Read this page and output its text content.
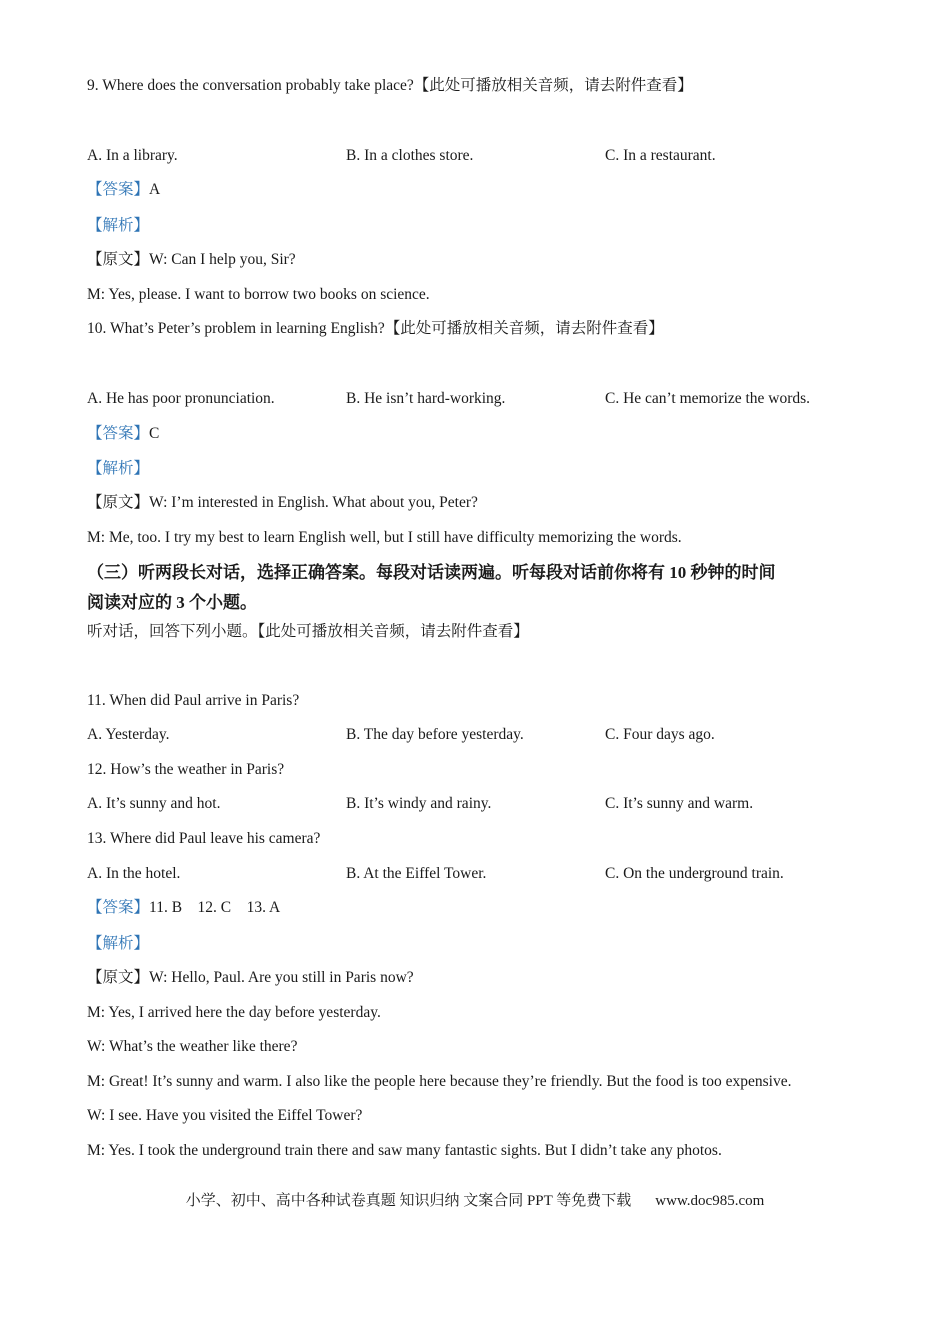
9. Where does the conversation probably take place?【此处可播放相关音频，请去附件查看】
A. In a library.	B. In a clothes store.	C. In a restaurant.
【答案】A
【解析】
【原文】W: Can I help you, Sir?
M: Yes, please. I want to borrow two books on science.
10. What’s Peter’s problem in learning English?【此处可播放相关音频，请去附件查看】
A. He has poor pronunciation.	B. He isn’t hard-working.	C. He can’t memorize the words.
【答案】C
【解析】
【原文】W: I’m interested in English. What about you, Peter?
M: Me, too. I try my best to learn English well, but I still have difficulty memorizing the words.
（三）听两段长对话，选择正确答案。每段对话读两遍。听每段对话前你将有 10 秒钟的时间
阅读对应的 3 个小题。
听对话，回答下列小题。【此处可播放相关音频，请去附件查看】
11. When did Paul arrive in Paris?
A. Yesterday.	B. The day before yesterday.	C. Four days ago.
12. How’s the weather in Paris?
A. It’s sunny and hot.	B. It’s windy and rainy.	C. It’s sunny and warm.
13. Where did Paul leave his camera?
A. In the hotel.	B. At the Eiffel Tower.	C. On the underground train.
【答案】11. B    12. C    13. A
【解析】
【原文】W: Hello, Paul. Are you still in Paris now?
M: Yes, I arrived here the day before yesterday.
W: What’s the weather like there?
M: Great! It’s sunny and warm. I also like the people here because they’re friendly. But the food is too expensive.
W: I see. Have you visited the Eiffel Tower?
M: Yes. I took the underground train there and saw many fantastic sights. But I didn’t take any photos.
小学、初中、高中各种试卷真题 知识归纳 文案合同 PPT 等免费下载 www.doc985.com
